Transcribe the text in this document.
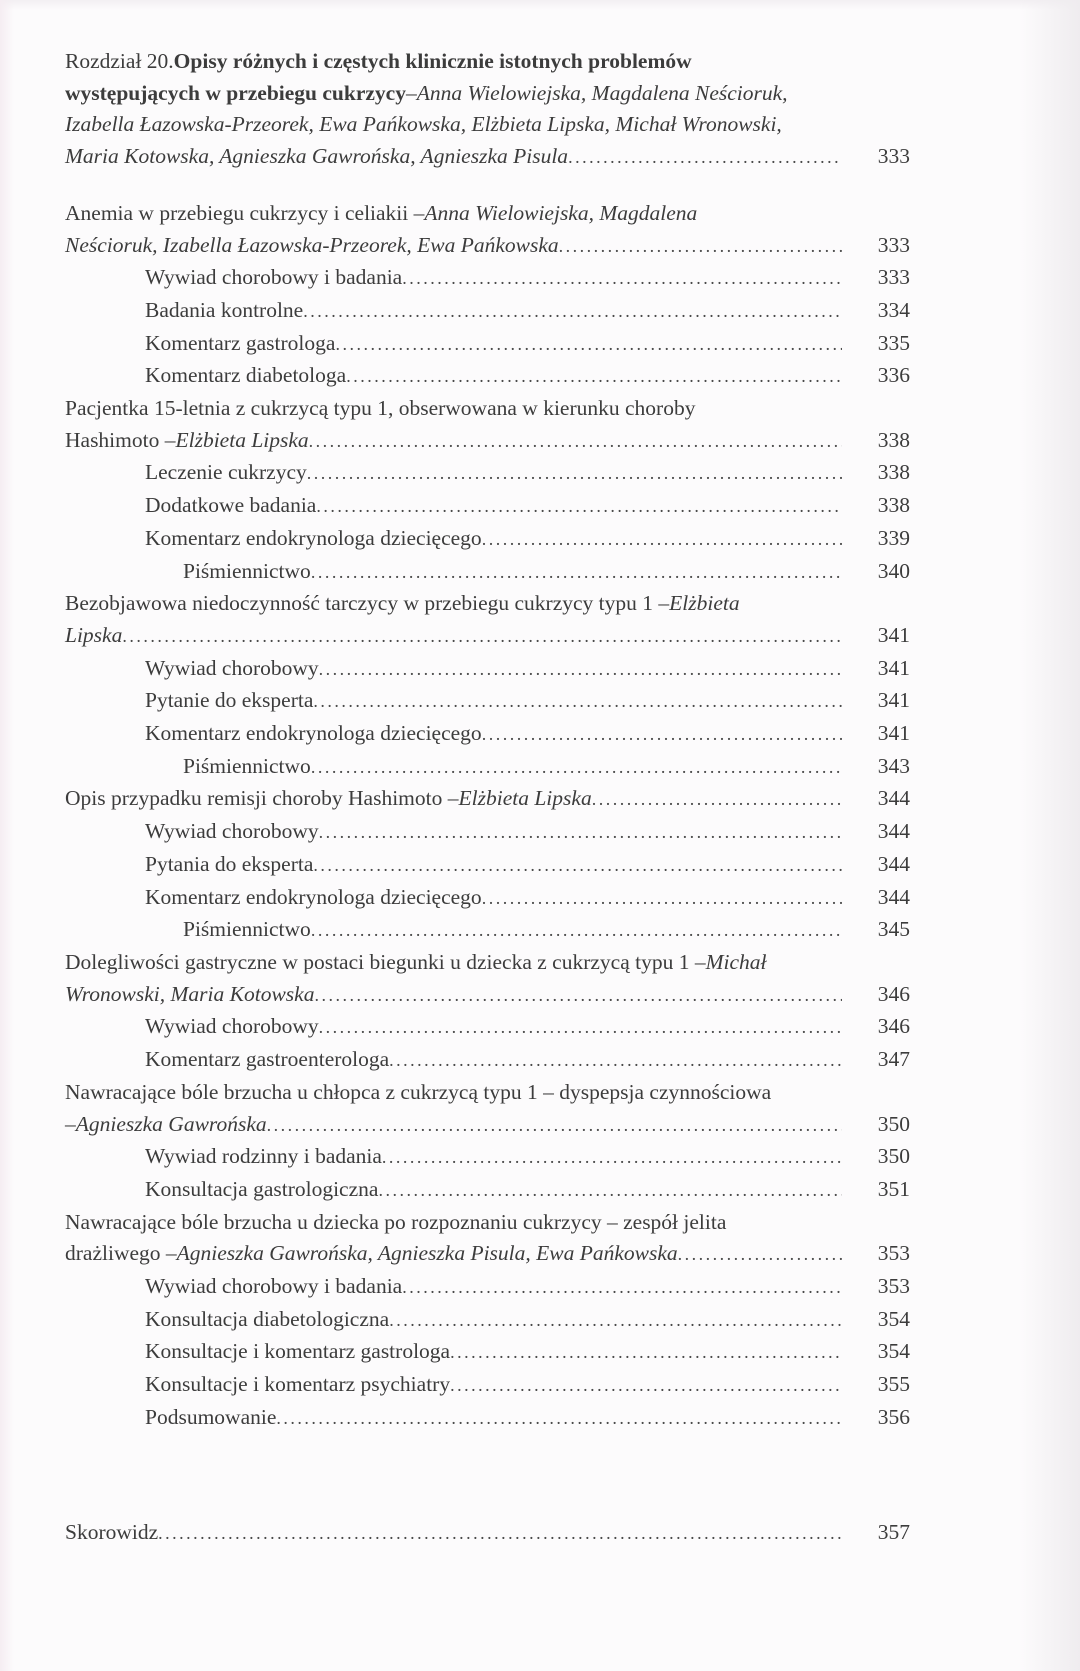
Rozdział 20. Opisy różnych i częstych klinicznie istotnych problemów
występujących w przebiegu cukrzycy – Anna Wielowiejska, Magdalena Neścioruk,
Izabella Łazowska-Przeorek, Ewa Pańkowska, Elżbieta Lipska, Michał Wronowski,
Maria Kotowska, Agnieszka Gawrońska, Agnieszka Pisula . . .	333
Anemia w przebiegu cukrzycy i celiakii – Anna Wielowiejska, Magdalena
Neścioruk, Izabella Łazowska-Przeorek, Ewa Pańkowska . . .	333
Wywiad chorobowy i badania . . .	333
Badania kontrolne . . .	334
Komentarz gastrologa . . .	335
Komentarz diabetologa . . .	336
Pacjentka 15-letnia z cukrzycą typu 1, obserwowana w kierunku choroby
Hashimoto – Elżbieta Lipska . . .	338
Leczenie cukrzycy . . .	338
Dodatkowe badania . . .	338
Komentarz endokrynologa dziecięcego . . .	339
Piśmiennictwo . . .	340
Bezobjawowa niedoczynność tarczycy w przebiegu cukrzycy typu 1 – Elżbieta
Lipska . . .	341
Wywiad chorobowy . . .	341
Pytanie do eksperta . . .	341
Komentarz endokrynologa dziecięcego . . .	341
Piśmiennictwo . . .	343
Opis przypadku remisji choroby Hashimoto – Elżbieta Lipska . . .	344
Wywiad chorobowy . . .	344
Pytania do eksperta . . .	344
Komentarz endokrynologa dziecięcego . . .	344
Piśmiennictwo . . .	345
Dolegliwości gastryczne w postaci biegunki u dziecka z cukrzycą typu 1 – Michał
Wronowski, Maria Kotowska . . .	346
Wywiad chorobowy . . .	346
Komentarz gastroenterologa . . .	347
Nawracające bóle brzucha u chłopca z cukrzycą typu 1 – dyspepsja czynnościowa
– Agnieszka Gawrońska . . .	350
Wywiad rodzinny i badania . . .	350
Konsultacja gastrologiczna . . .	351
Nawracające bóle brzucha u dziecka po rozpoznaniu cukrzycy – zespół jelita
drażliwego – Agnieszka Gawrońska, Agnieszka Pisula, Ewa Pańkowska . . .	353
Wywiad chorobowy i badania . . .	353
Konsultacja diabetologiczna . . .	354
Konsultacje i komentarz gastrologa . . .	354
Konsultacje i komentarz psychiatry . . .	355
Podsumowanie . . .	356
Skorowidz . . .	357
